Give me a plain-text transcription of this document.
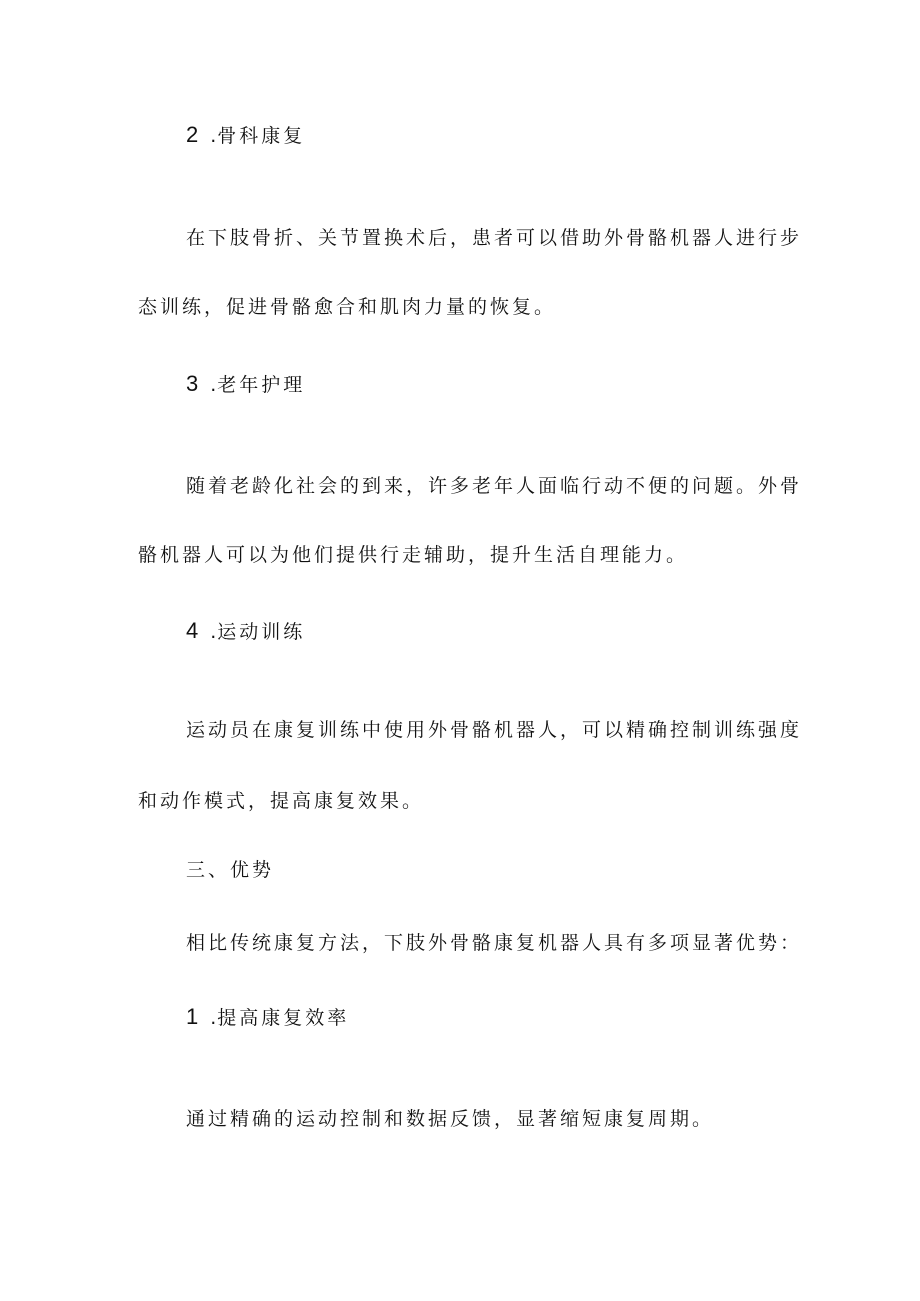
2 .骨科康复
在下肢骨折、关节置换术后，患者可以借助外骨骼机器人进行步
态训练，促进骨骼愈合和肌肉力量的恢复。
3 .老年护理
随着老龄化社会的到来，许多老年人面临行动不便的问题。外骨
骼机器人可以为他们提供行走辅助，提升生活自理能力。
4 .运动训练
运动员在康复训练中使用外骨骼机器人，可以精确控制训练强度
和动作模式，提高康复效果。
三、优势
相比传统康复方法，下肢外骨骼康复机器人具有多项显著优势：
1 .提高康复效率
通过精确的运动控制和数据反馈，显著缩短康复周期。
